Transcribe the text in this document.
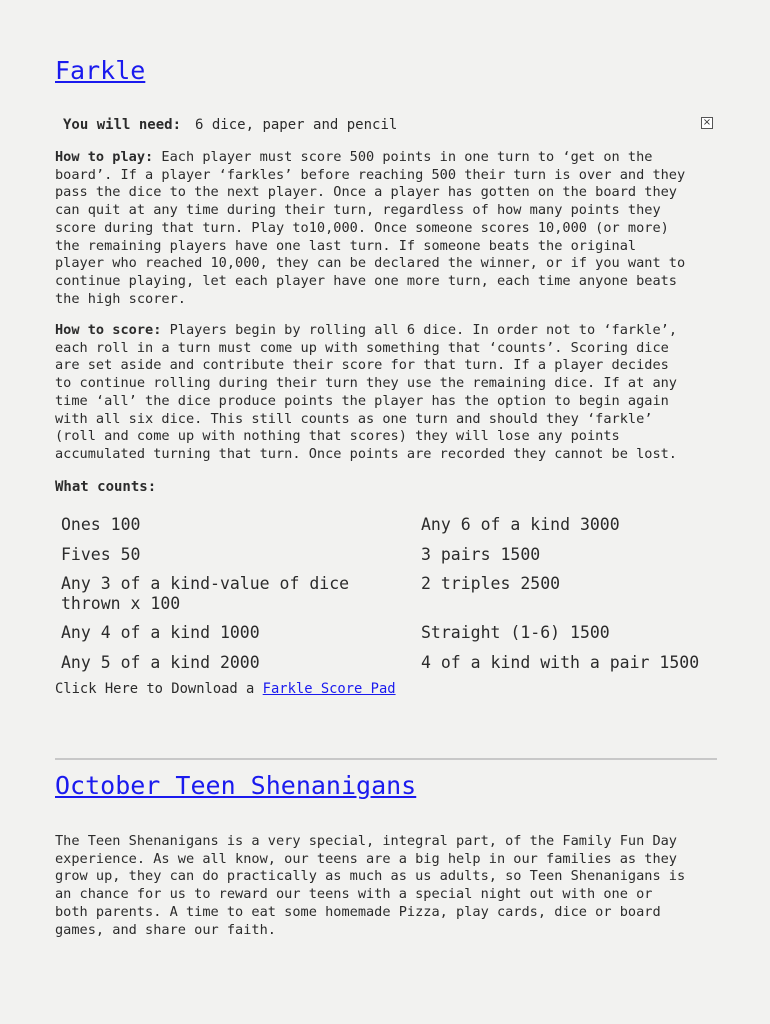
Farkle
You will need: 6 dice, paper and pencil	×

How to play: Each player must score 500 points in one turn to ‘get on the
board’. If a player ‘farkles’ before reaching 500 their turn is over and they
pass the dice to the next player. Once a player has gotten on the board they
can quit at any time during their turn, regardless of how many points they
score during that turn. Play to10,000. Once someone scores 10,000 (or more)
the remaining players have one last turn. If someone beats the original
player who reached 10,000, they can be declared the winner, or if you want to
continue playing, let each player have one more turn, each time anyone beats
the high scorer.

How to score: Players begin by rolling all 6 dice. In order not to ‘farkle’,
each roll in a turn must come up with something that ‘counts’. Scoring dice
are set aside and contribute their score for that turn. If a player decides
to continue rolling during their turn they use the remaining dice. If at any
time ‘all’ the dice produce points the player has the option to begin again
with all six dice. This still counts as one turn and should they ‘farkle’
(roll and come up with nothing that scores) they will lose any points
accumulated turning that turn. Once points are recorded they cannot be lost.

What counts:
Ones 100	Any 6 of a kind 3000
Fives 50	3 pairs 1500
Any 3 of a kind-value of dice thrown x 100	2 triples 2500
Any 4 of a kind 1000	Straight (1-6) 1500
Any 5 of a kind 2000	4 of a kind with a pair 1500
Click Here to Download a Farkle Score Pad
October Teen Shenanigans

The Teen Shenanigans is a very special, integral part, of the Family Fun Day
experience. As we all know, our teens are a big help in our families as they
grow up, they can do practically as much as us adults, so Teen Shenanigans is
an chance for us to reward our teens with a special night out with one or
both parents. A time to eat some homemade Pizza, play cards, dice or board
games, and share our faith.
